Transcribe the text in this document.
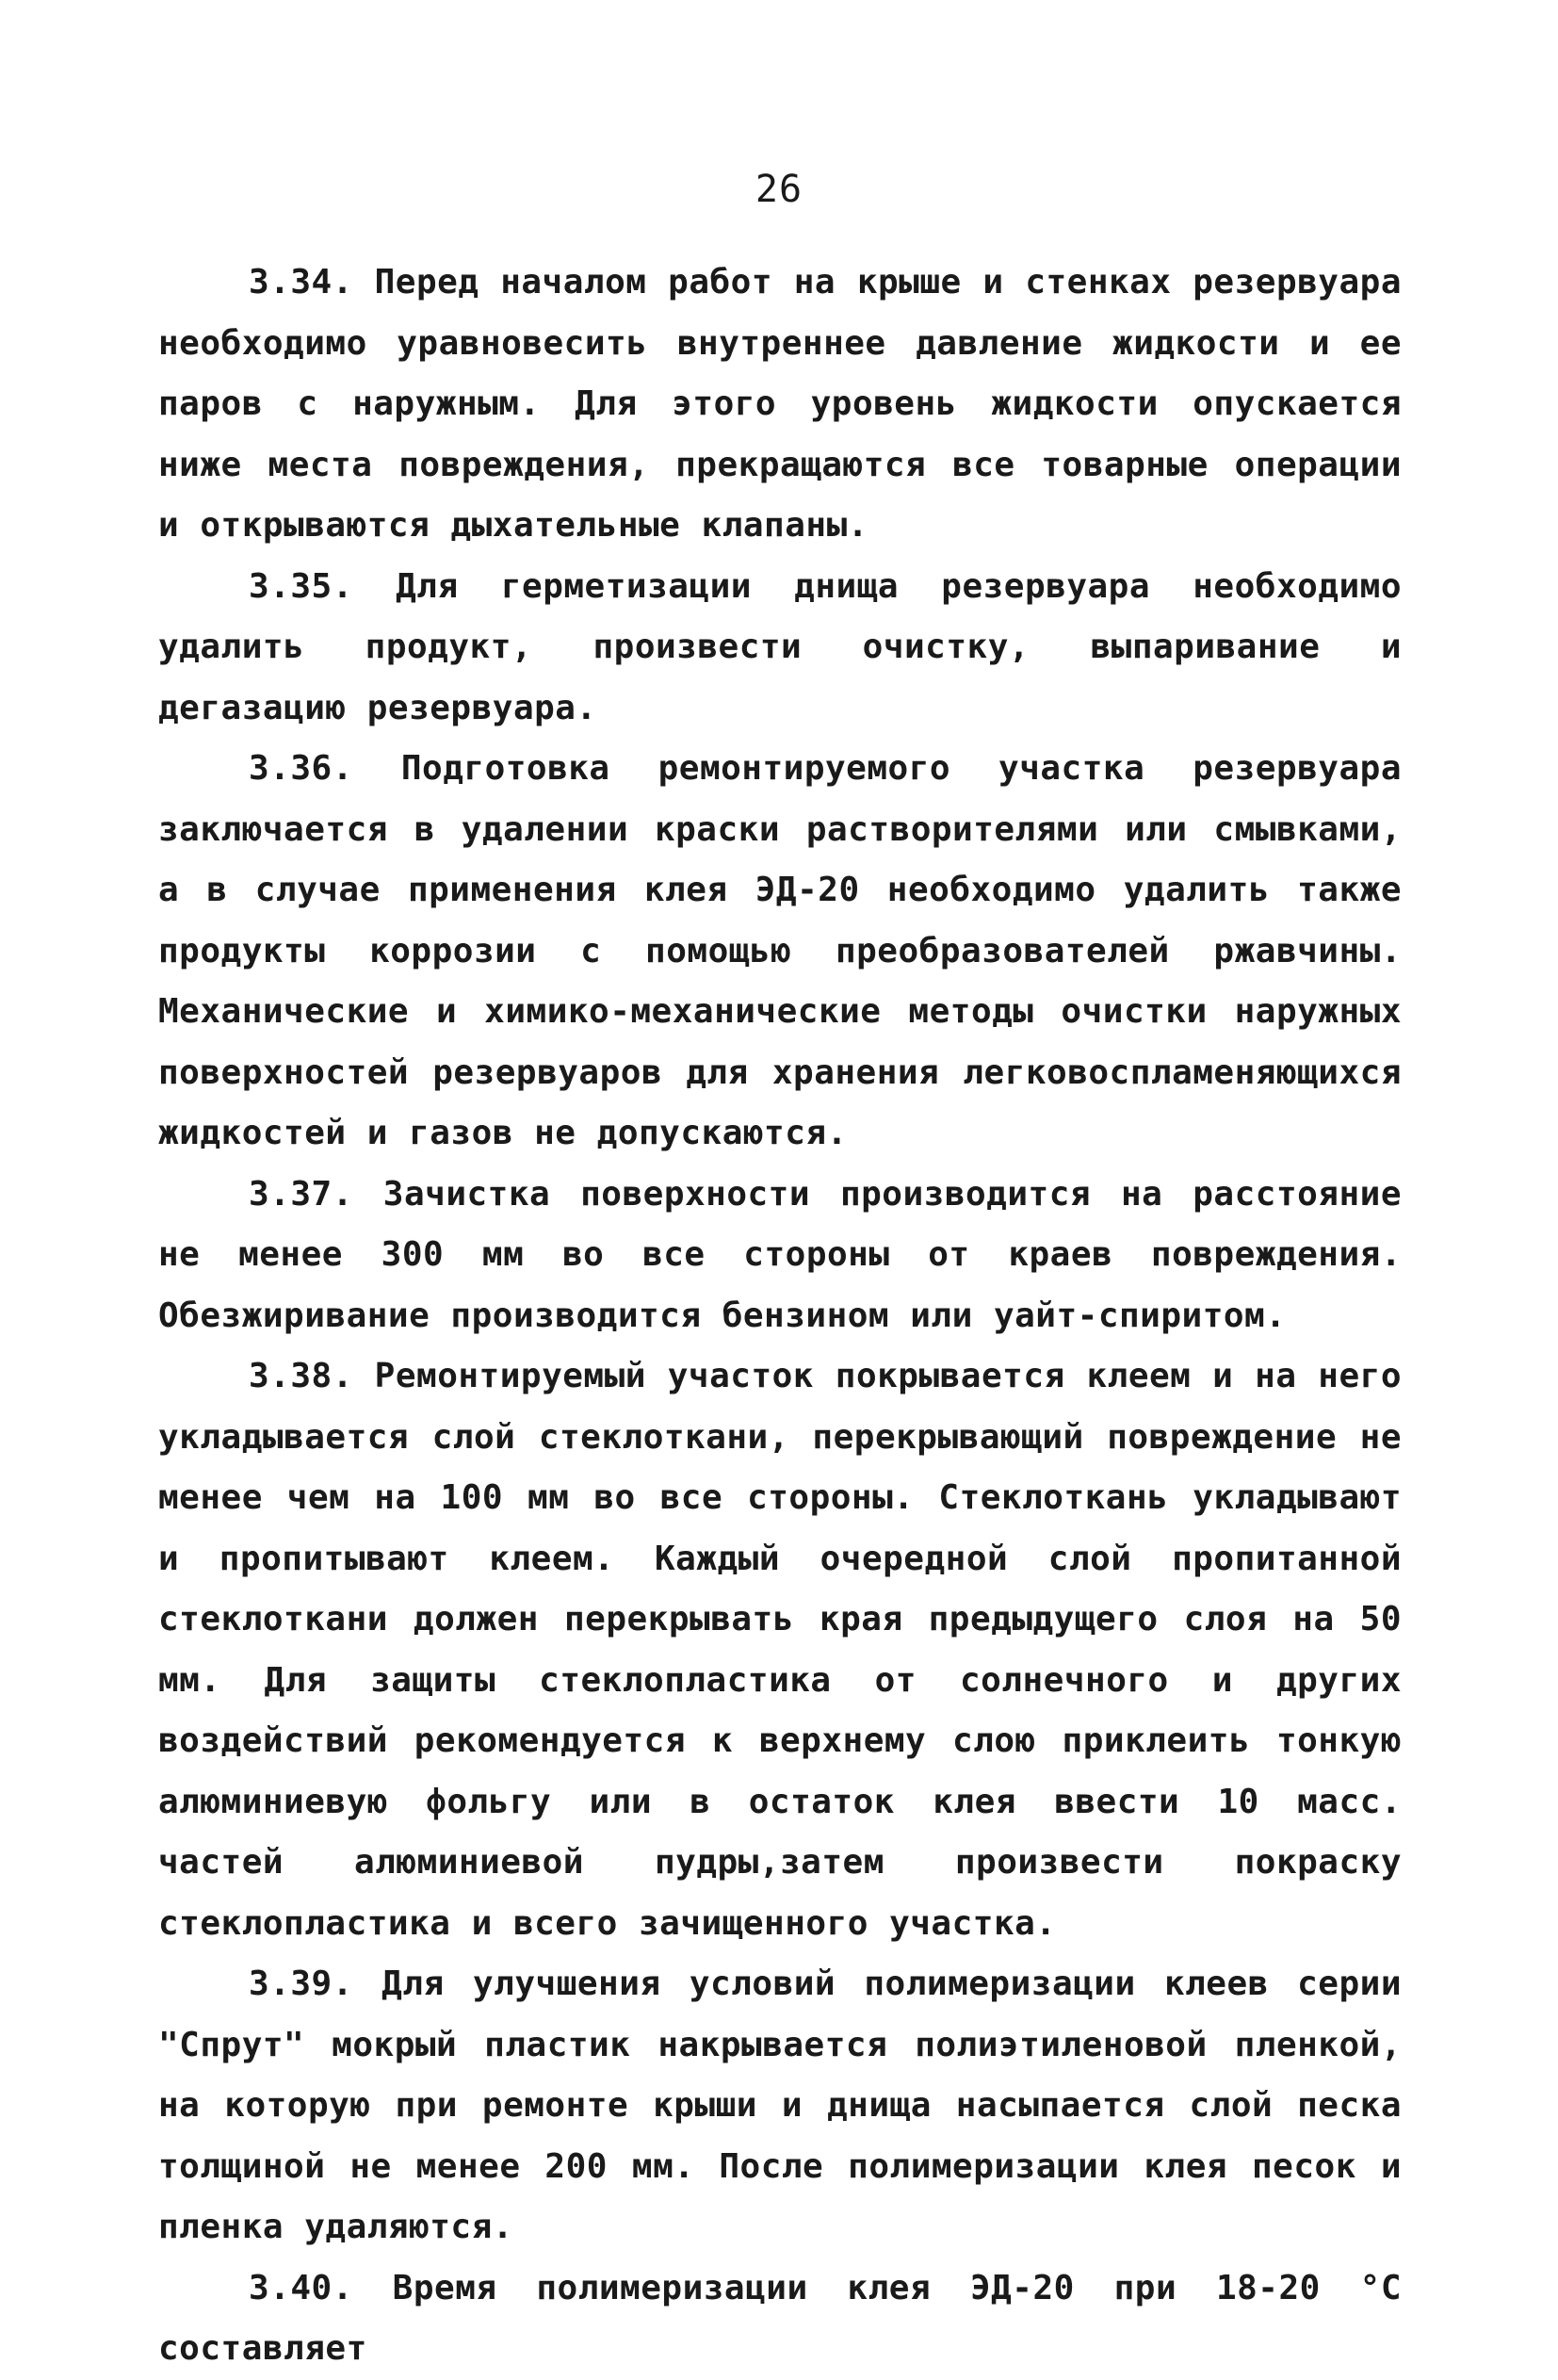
26

3.34. Перед началом работ на крыше и стенках резервуара необходимо уравновесить внутреннее давление жидкости и ее паров с наружным. Для этого уровень жидкости опускается ниже места повреждения, прекращаются все товарные операции и открываются дыхательные клапаны.

3.35. Для герметизации днища резервуара необходимо удалить продукт, произвести очистку, выпаривание и дегазацию резервуара.

3.36. Подготовка ремонтируемого участка резервуара заключается в удалении краски растворителями или смывками, а в случае применения клея ЭД-20 необходимо удалить также продукты коррозии с помощью преобразователей ржавчины. Механические и химико-механические методы очистки наружных поверхностей резервуаров для хранения легковоспламеняющихся жидкостей и газов не допускаются.

3.37. Зачистка поверхности производится на расстояние не менее 300 мм во все стороны от краев повреждения. Обезжиривание производится бензином или уайт-спиритом.

3.38. Ремонтируемый участок покрывается клеем и на него укладывается слой стеклоткани, перекрывающий повреждение не менее чем на 100 мм во все стороны. Стеклоткань укладывают и пропитывают клеем. Каждый очередной слой пропитанной стеклоткани должен перекрывать края предыдущего слоя на 50 мм. Для защиты стеклопластика от солнечного и других воздействий рекомендуется к верхнему слою приклеить тонкую алюминиевую фольгу или в остаток клея ввести 10 масс. частей алюминиевой пудры,затем произвести покраску стеклопластика и всего зачищенного участка.

3.39. Для улучшения условий полимеризации клеев серии "Спрут" мокрый пластик накрывается полиэтиленовой пленкой, на которую при ремонте крыши и днища насыпается слой песка толщиной не менее 200 мм. После полимеризации клея песок и пленка удаляются.

3.40. Время полимеризации клея ЭД-20 при 18-20 °С составляет
